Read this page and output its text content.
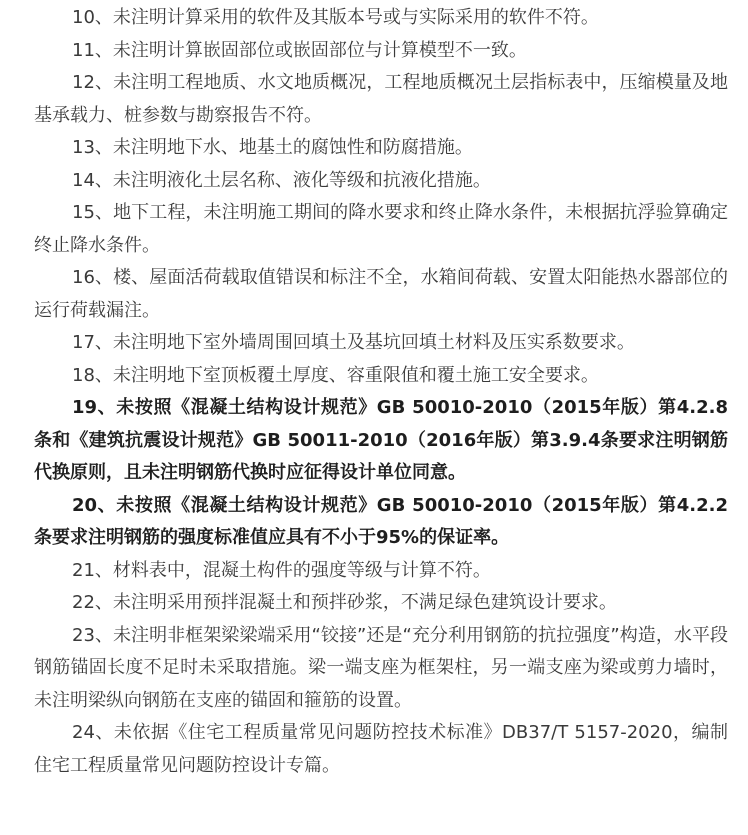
10、未注明计算采用的软件及其版本号或与实际采用的软件不符。

11、未注明计算嵌固部位或嵌固部位与计算模型不一致。

12、未注明工程地质、水文地质概况，工程地质概况土层指标表中，压缩模量及地基承载力、桩参数与勘察报告不符。

13、未注明地下水、地基土的腐蚀性和防腐措施。

14、未注明液化土层名称、液化等级和抗液化措施。

15、地下工程，未注明施工期间的降水要求和终止降水条件，未根据抗浮验算确定终止降水条件。

16、楼、屋面活荷载取值错误和标注不全，水箱间荷载、安置太阳能热水器部位的运行荷载漏注。

17、未注明地下室外墙周围回填土及基坑回填土材料及压实系数要求。

18、未注明地下室顶板覆土厚度、容重限值和覆土施工安全要求。

19、未按照《混凝土结构设计规范》GB 50010-2010（2015年版）第4.2.8条和《建筑抗震设计规范》GB 50011-2010（2016年版）第3.9.4条要求注明钢筋代换原则，且未注明钢筋代换时应征得设计单位同意。

20、未按照《混凝土结构设计规范》GB 50010-2010（2015年版）第4.2.2条要求注明钢筋的强度标准值应具有不小于95%的保证率。

21、材料表中，混凝土构件的强度等级与计算不符。

22、未注明采用预拌混凝土和预拌砂浆，不满足绿色建筑设计要求。

23、未注明非框架梁梁端采用“铰接”还是“充分利用钢筋的抗拉强度”构造，水平段钢筋锚固长度不足时未采取措施。梁一端支座为框架柱，另一端支座为梁或剪力墙时，未注明梁纵向钢筋在支座的锚固和箍筋的设置。

24、未依据《住宅工程质量常见问题防控技术标准》DB37/T 5157-2020，编制住宅工程质量常见问题防控设计专篇。
